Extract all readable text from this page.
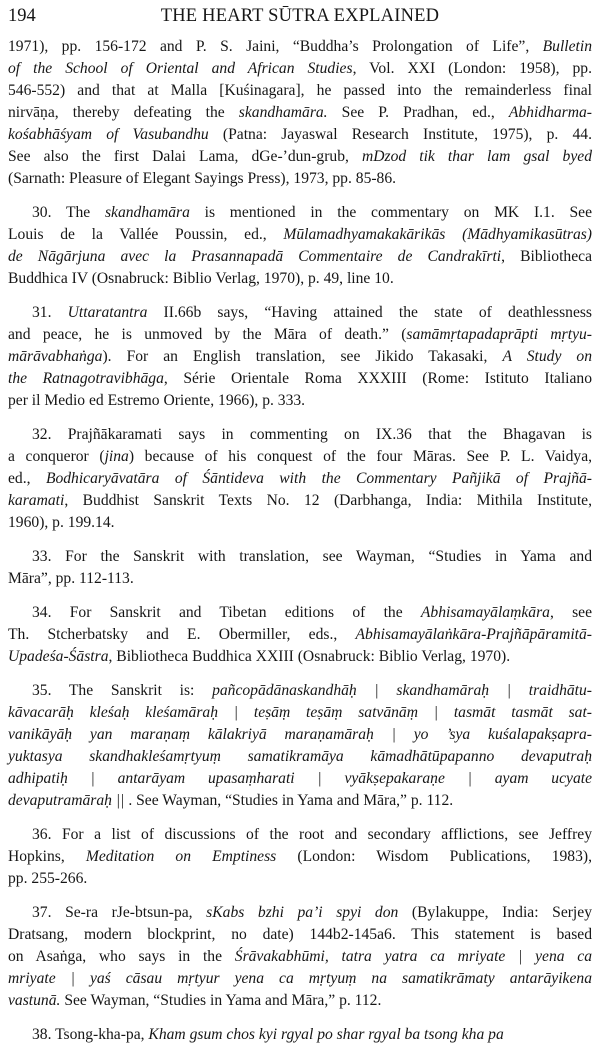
194	THE HEART SŪTRA EXPLAINED

1971), pp. 156-172 and P. S. Jaini, “Buddha’s Prolongation of Life”, Bulletin
of the School of Oriental and African Studies, Vol. XXI (London: 1958), pp.
546-552) and that at Malla [Kuśinagara], he passed into the remainderless final
nirvāṇa, thereby defeating the skandhamāra. See P. Pradhan, ed., Abhidharma-
kośabhāśyam of Vasubandhu (Patna: Jayaswal Research Institute, 1975), p. 44.
See also the first Dalai Lama, dGe-’dun-grub, mDzod tik thar lam gsal byed
(Sarnath: Pleasure of Elegant Sayings Press), 1973, pp. 85-86.

30. The skandhamāra is mentioned in the commentary on MK I.1. See
Louis de la Vallée Poussin, ed., Mūlamadhyamakakārikās (Mādhyamikasūtras)
de Nāgārjuna avec la Prasannapadā Commentaire de Candrakīrti, Bibliotheca
Buddhica IV (Osnabruck: Biblio Verlag, 1970), p. 49, line 10.

31. Uttaratantra II.66b says, “Having attained the state of deathlessness
and peace, he is unmoved by the Māra of death.” (samāmṛtapadaprāpti mṛtyu-
mārāvabhaṅga). For an English translation, see Jikido Takasaki, A Study on
the Ratnagotravibhāga, Série Orientale Roma XXXIII (Rome: Istituto Italiano
per il Medio ed Estremo Oriente, 1966), p. 333.

32. Prajñākaramati says in commenting on IX.36 that the Bhagavan is
a conqueror (jina) because of his conquest of the four Māras. See P. L. Vaidya,
ed., Bodhicaryāvatāra of Śāntideva with the Commentary Pañjikā of Prajñā-
karamati, Buddhist Sanskrit Texts No. 12 (Darbhanga, India: Mithila Institute,
1960), p. 199.14.

33. For the Sanskrit with translation, see Wayman, “Studies in Yama and
Māra”, pp. 112-113.

34. For Sanskrit and Tibetan editions of the Abhisamayālaṃkāra, see
Th. Stcherbatsky and E. Obermiller, eds., Abhisamayālaṅkāra-Prajñāpāramitā-
Upadeśa-Śāstra, Bibliotheca Buddhica XXIII (Osnabruck: Biblio Verlag, 1970).

35. The Sanskrit is: pañcopādānaskandhāḥ | skandhamāraḥ | traidhātu-
kāvacarāḥ kleśaḥ kleśamāraḥ | teṣāṃ teṣāṃ satvānāṃ | tasmāt tasmāt sat-
vanikāyāḥ yan maraṇaṃ kālakriyā maraṇamāraḥ | yo ’sya kuśalapakṣapra-
yuktasya skandhakleśamṛtyuṃ samatikramāya kāmadhātūpapanno devaputraḥ
adhipatiḥ | antarāyam upasaṃharati | vyākṣepakaraṇe | ayam ucyate
devaputramāraḥ || . See Wayman, “Studies in Yama and Māra,” p. 112.

36. For a list of discussions of the root and secondary afflictions, see Jeffrey
Hopkins, Meditation on Emptiness (London: Wisdom Publications, 1983),
pp. 255-266.

37. Se-ra rJe-btsun-pa, sKabs bzhi pa’i spyi don (Bylakuppe, India: Serjey
Dratsang, modern blockprint, no date) 144b2-145a6. This statement is based
on Asaṅga, who says in the Śrāvakabhūmi, tatra yatra ca mriyate | yena ca
mriyate | yaś cāsau mṛtyur yena ca mṛtyuṃ na samatikrāmaty antarāyikena
vastunā. See Wayman, “Studies in Yama and Māra,” p. 112.

38. Tsong-kha-pa, Kham gsum chos kyi rgyal po shar rgyal ba tsong kha pa
